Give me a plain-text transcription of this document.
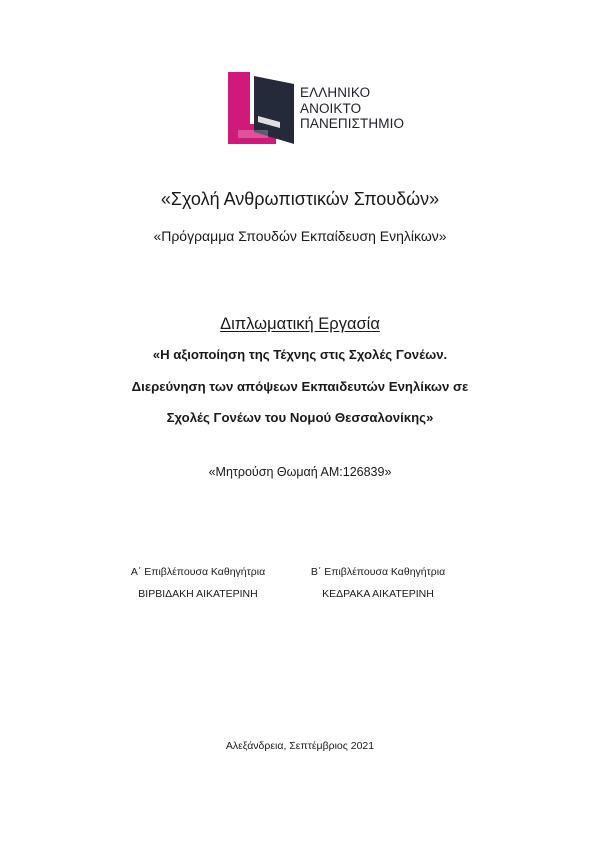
ΕΛΛΗΝΙΚΟ
ΑΝΟΙΚΤΟ
ΠΑΝΕΠΙΣΤΗΜΙΟ
«Σχολή Ανθρωπιστικών Σπουδών»
«Πρόγραμμα Σπουδών Εκπαίδευση Ενηλίκων»
Διπλωματική Εργασία
«Η αξιοποίηση της Τέχνης στις Σχολές Γονέων.
Διερεύνηση των απόψεων Εκπαιδευτών Ενηλίκων σε
Σχολές Γονέων του Νομού Θεσσαλονίκης»
«Μητρούση Θωμαή ΑΜ:126839»
Α΄ Επιβλέπουσα Καθηγήτρια
ΒΙΡΒΙΔΑΚΗ ΑΙΚΑΤΕΡΙΝΗ
Β΄ Επιβλέπουσα Καθηγήτρια
ΚΕΔΡΑΚΑ ΑΙΚΑΤΕΡΙΝΗ
Αλεξάνδρεια, Σεπτέμβριος 2021
